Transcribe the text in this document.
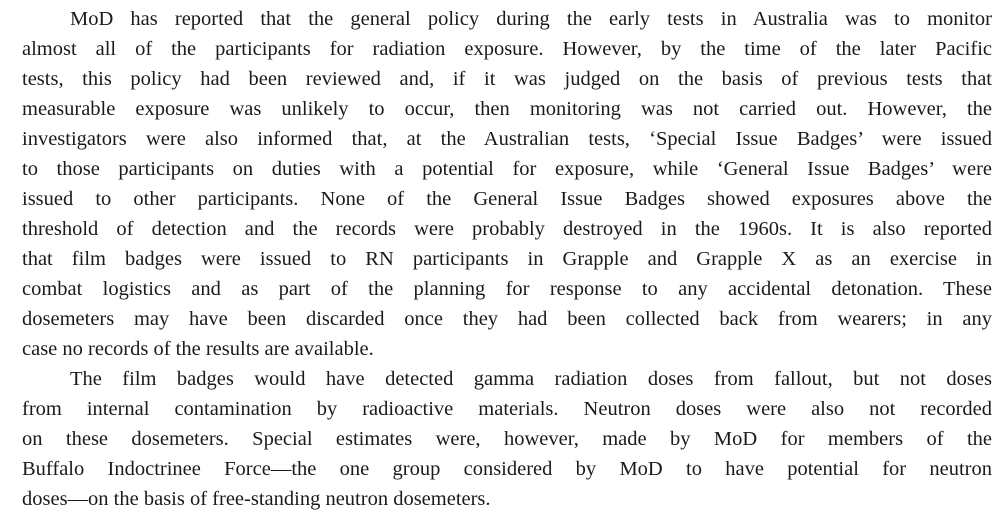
MoD has reported that the general policy during the early tests in Australia was to monitor
almost all of the participants for radiation exposure. However, by the time of the later Pacific
tests, this policy had been reviewed and, if it was judged on the basis of previous tests that
measurable exposure was unlikely to occur, then monitoring was not carried out. However, the
investigators were also informed that, at the Australian tests, ‘Special Issue Badges’ were issued
to those participants on duties with a potential for exposure, while ‘General Issue Badges’ were
issued to other participants. None of the General Issue Badges showed exposures above the
threshold of detection and the records were probably destroyed in the 1960s. It is also reported
that film badges were issued to RN participants in Grapple and Grapple X as an exercise in
combat logistics and as part of the planning for response to any accidental detonation. These
dosemeters may have been discarded once they had been collected back from wearers; in any
case no records of the results are available.
The film badges would have detected gamma radiation doses from fallout, but not doses
from internal contamination by radioactive materials. Neutron doses were also not recorded
on these dosemeters. Special estimates were, however, made by MoD for members of the
Buffalo Indoctrinee Force—the one group considered by MoD to have potential for neutron
doses—on the basis of free-standing neutron dosemeters.
